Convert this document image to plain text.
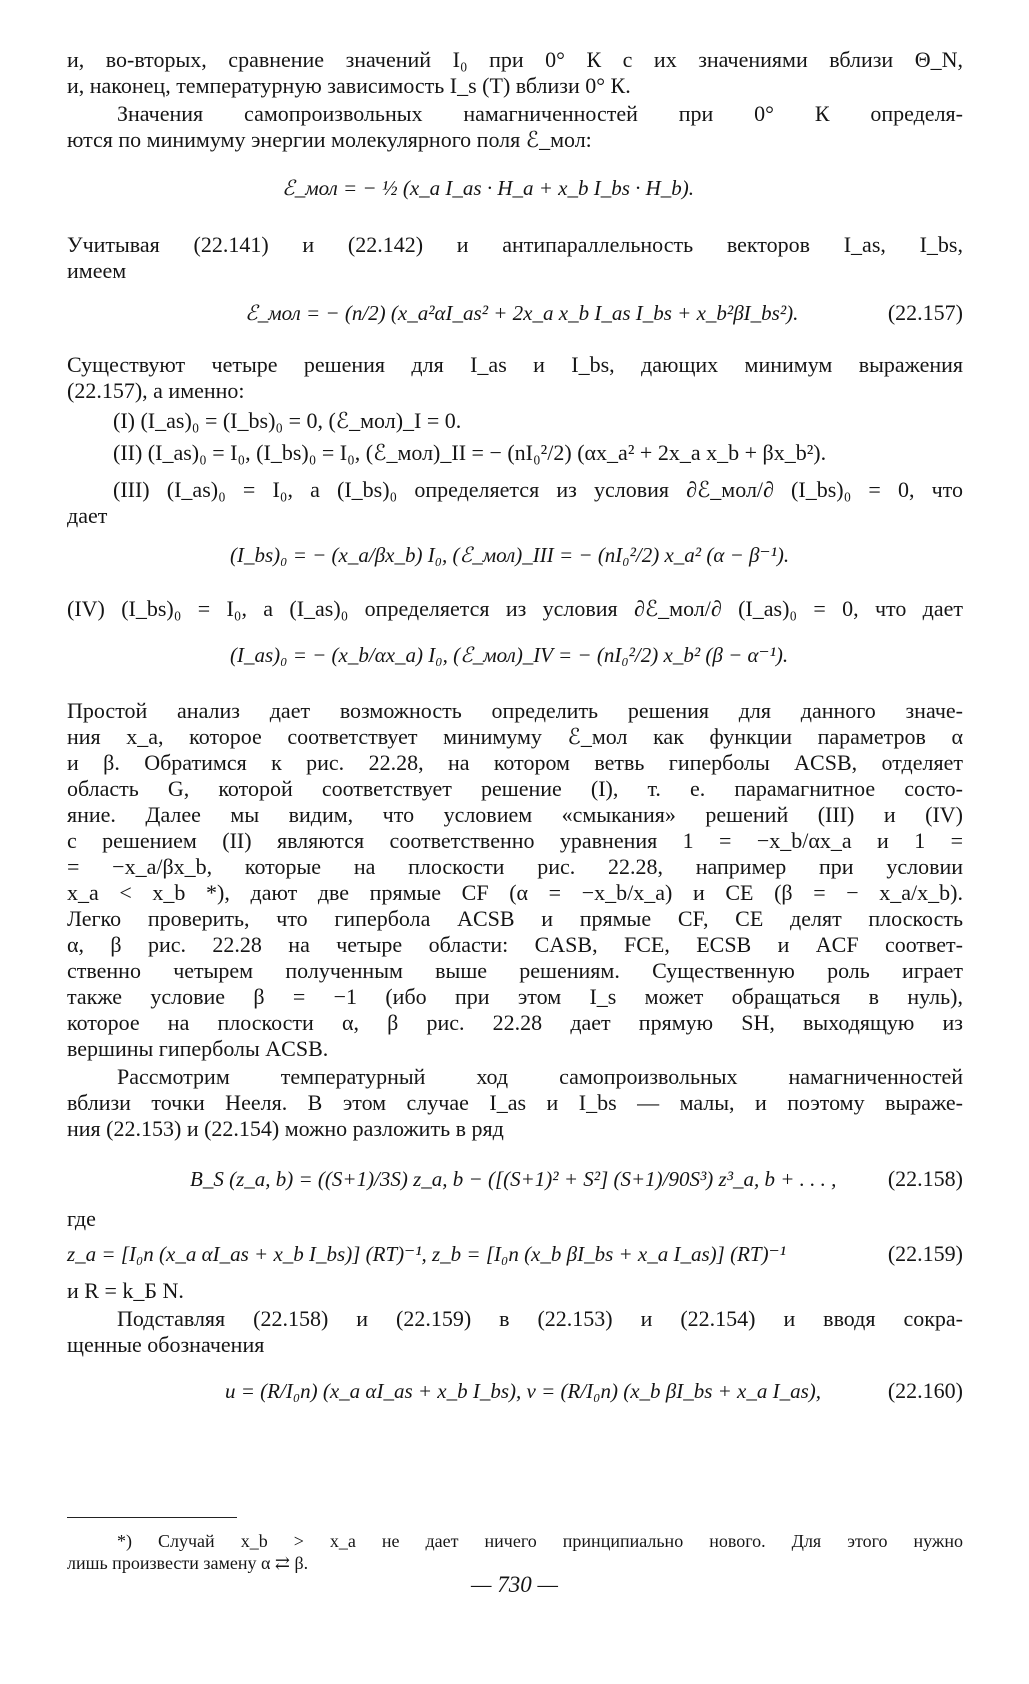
и, во-вторых, сравнение значений I₀ при 0° К с их значениями вблизи Θ_N,
и, наконец, температурную зависимость I_s (T) вблизи 0° К.
Значения самопроизвольных намагниченностей при 0° К определя-
ются по минимуму энергии молекулярного поля ℰ_мол:
ℰ_мол = − ½ (x_a I_as · H_a + x_b I_bs · H_b).
Учитывая (22.141) и (22.142) и антипараллельность векторов I_as, I_bs,
имеем
ℰ_мол = − (n/2) (x_a²αI_as² + 2x_a x_b I_as I_bs + x_b²βI_bs²).	(22.157)
Существуют четыре решения для I_as и I_bs, дающих минимум выражения
(22.157), а именно:
(I) (I_as)₀ = (I_bs)₀ = 0, (ℰ_мол)_I = 0.
(II) (I_as)₀ = I₀, (I_bs)₀ = I₀, (ℰ_мол)_II = − (nI₀²/2) (αx_a² + 2x_a x_b + βx_b²).
(III) (I_as)₀ = I₀, а (I_bs)₀ определяется из условия ∂ℰ_мол/∂ (I_bs)₀ = 0, что
дает
(I_bs)₀ = − (x_a/βx_b) I₀, (ℰ_мол)_III = − (nI₀²/2) x_a² (α − β⁻¹).
(IV) (I_bs)₀ = I₀, а (I_as)₀ определяется из условия ∂ℰ_мол/∂ (I_as)₀ = 0, что дает
(I_as)₀ = − (x_b/αx_a) I₀, (ℰ_мол)_IV = − (nI₀²/2) x_b² (β − α⁻¹).
Простой анализ дает возможность определить решения для данного значе-
ния x_a, которое соответствует минимуму ℰ_мол как функции параметров α
и β. Обратимся к рис. 22.28, на котором ветвь гиперболы ACSB, отделяет
область G, которой соответствует решение (I), т. е. парамагнитное состо-
яние. Далее мы видим, что условием «смыкания» решений (III) и (IV)
с решением (II) являются соответственно уравнения 1 = −x_b/αx_a и 1 =
= −x_a/βx_b, которые на плоскости рис. 22.28, например при условии
x_a < x_b *), дают две прямые CF (α = −x_b/x_a) и CE (β = − x_a/x_b).
Легко проверить, что гипербола ACSB и прямые CF, CE делят плоскость
α, β рис. 22.28 на четыре области: CASB, FCE, ECSB и ACF соответ-
ственно четырем полученным выше решениям. Существенную роль играет
также условие β = −1 (ибо при этом I_s может обращаться в нуль),
которое на плоскости α, β рис. 22.28 дает прямую SH, выходящую из
вершины гиперболы ACSB.
Рассмотрим температурный ход самопроизвольных намагниченностей
вблизи точки Нееля. В этом случае I_as и I_bs — малы, и поэтому выраже-
ния (22.153) и (22.154) можно разложить в ряд
B_S (z_a, b) = ((S+1)/3S) z_a, b − ([(S+1)² + S²] (S+1)/90S³) z³_a, b + . . . , (22.158)
где
z_a = [I₀n (x_a αI_as + x_b I_bs)] (RT)⁻¹, z_b = [I₀n (x_b βI_bs + x_a I_as)] (RT)⁻¹	(22.159)
и R = k_Б N.
Подставляя (22.158) и (22.159) в (22.153) и (22.154) и вводя сокра-
щенные обозначения
u = (R/I₀n) (x_a αI_as + x_b I_bs), v = (R/I₀n) (x_b βI_bs + x_a I_as),	(22.160)
*) Случай x_b > x_a не дает ничего принципиально нового. Для этого нужно
лишь произвести замену α ⇄ β.
— 730 —
